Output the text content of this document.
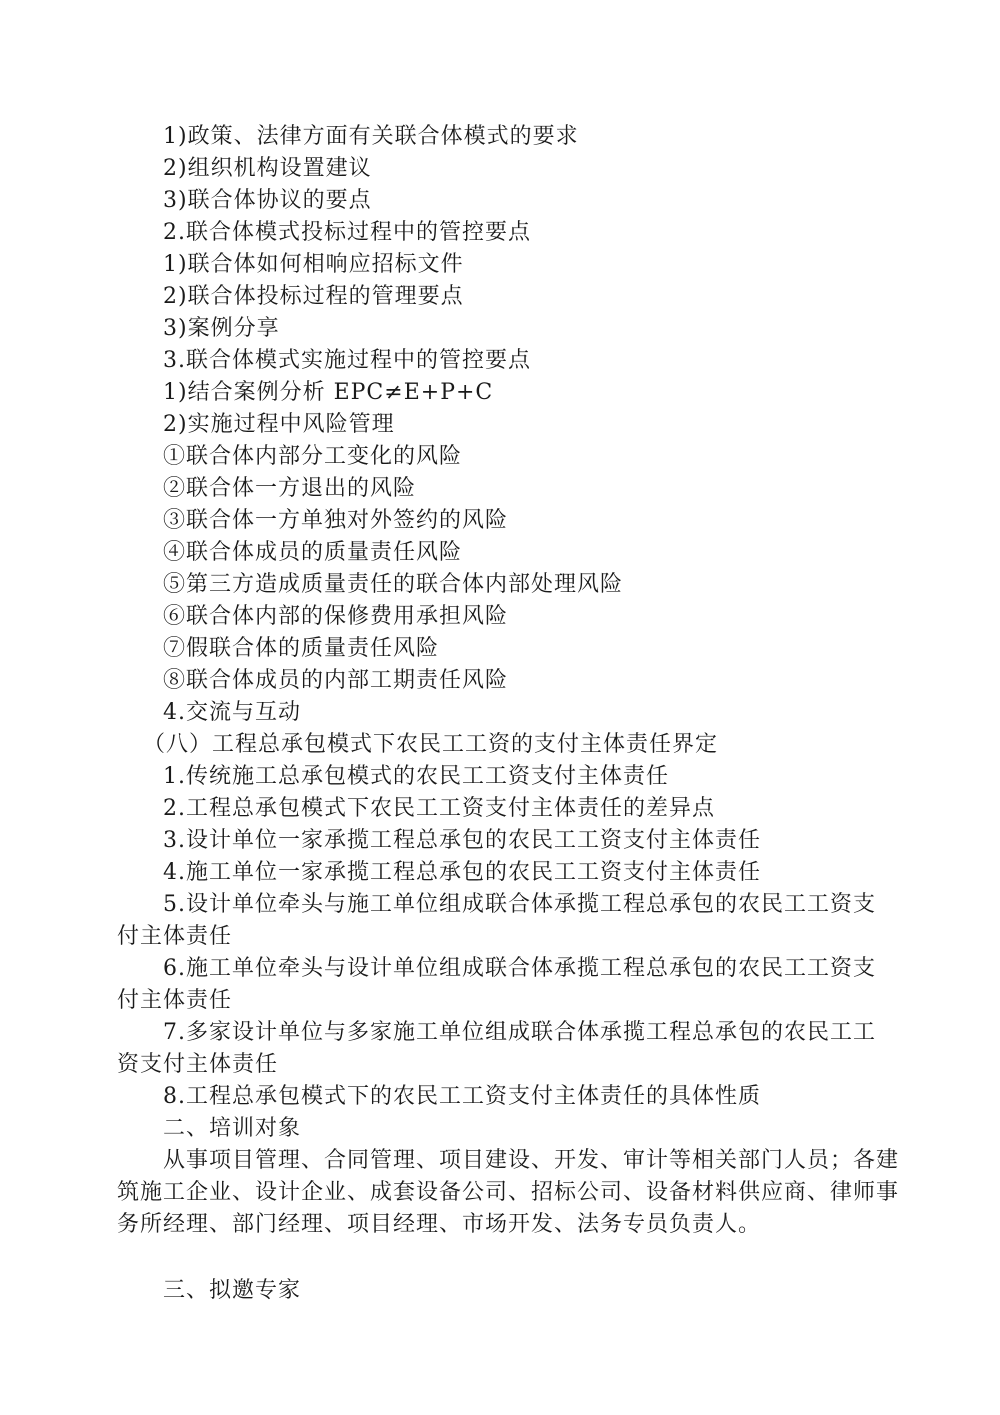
1)政策、法律方面有关联合体模式的要求
2)组织机构设置建议
3)联合体协议的要点
2.联合体模式投标过程中的管控要点
1)联合体如何相响应招标文件
2)联合体投标过程的管理要点
3)案例分享
3.联合体模式实施过程中的管控要点
1)结合案例分析 EPC≠E+P+C
2)实施过程中风险管理
①联合体内部分工变化的风险
②联合体一方退出的风险
③联合体一方单独对外签约的风险
④联合体成员的质量责任风险
⑤第三方造成质量责任的联合体内部处理风险
⑥联合体内部的保修费用承担风险
⑦假联合体的质量责任风险
⑧联合体成员的内部工期责任风险
4.交流与互动
（八）工程总承包模式下农民工工资的支付主体责任界定
1.传统施工总承包模式的农民工工资支付主体责任
2.工程总承包模式下农民工工资支付主体责任的差异点
3.设计单位一家承揽工程总承包的农民工工资支付主体责任
4.施工单位一家承揽工程总承包的农民工工资支付主体责任
5.设计单位牵头与施工单位组成联合体承揽工程总承包的农民工工资支
付主体责任
6.施工单位牵头与设计单位组成联合体承揽工程总承包的农民工工资支
付主体责任
7.多家设计单位与多家施工单位组成联合体承揽工程总承包的农民工工
资支付主体责任
8.工程总承包模式下的农民工工资支付主体责任的具体性质
二、培训对象
从事项目管理、合同管理、项目建设、开发、审计等相关部门人员；各建筑施工企业、设计企业、成套设备公司、招标公司、设备材料供应商、律师事务所经理、部门经理、项目经理、市场开发、法务专员负责人。
三、拟邀专家
